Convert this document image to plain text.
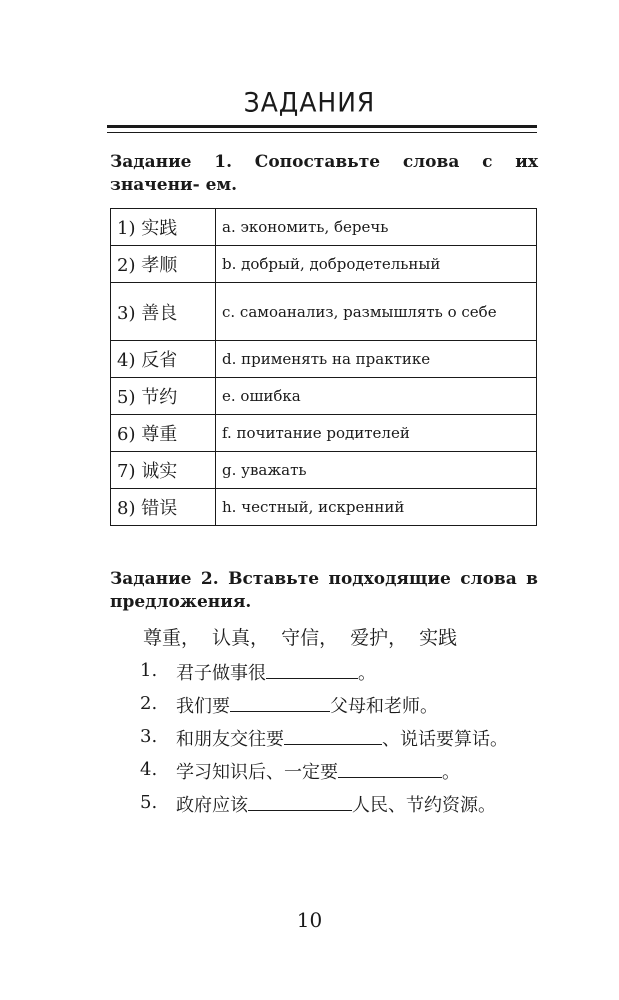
ЗАДАНИЯ
Задание 1. Сопоставьте слова с их значени- ем.
1) 实践	a. экономить, беречь
2) 孝顺	b. добрый, добродетельный
3) 善良	c. самоанализ, размышлять о себе
4) 反省	d. применять на практике
5) 节约	e. ошибка
6) 尊重	f. почитание родителей
7) 诚实	g. уважать
8) 错误	h. честный, искренний
Задание 2. Вставьте подходящие слова в предложения.
尊重， 认真， 守信， 爱护， 实践
1.	君子做事很	。
2.	我们要	父母和老师。
3.	和朋友交往要	、说话要算话。
4.	学习知识后、一定要	。
5.	政府应该	人民、节约资源。
10
